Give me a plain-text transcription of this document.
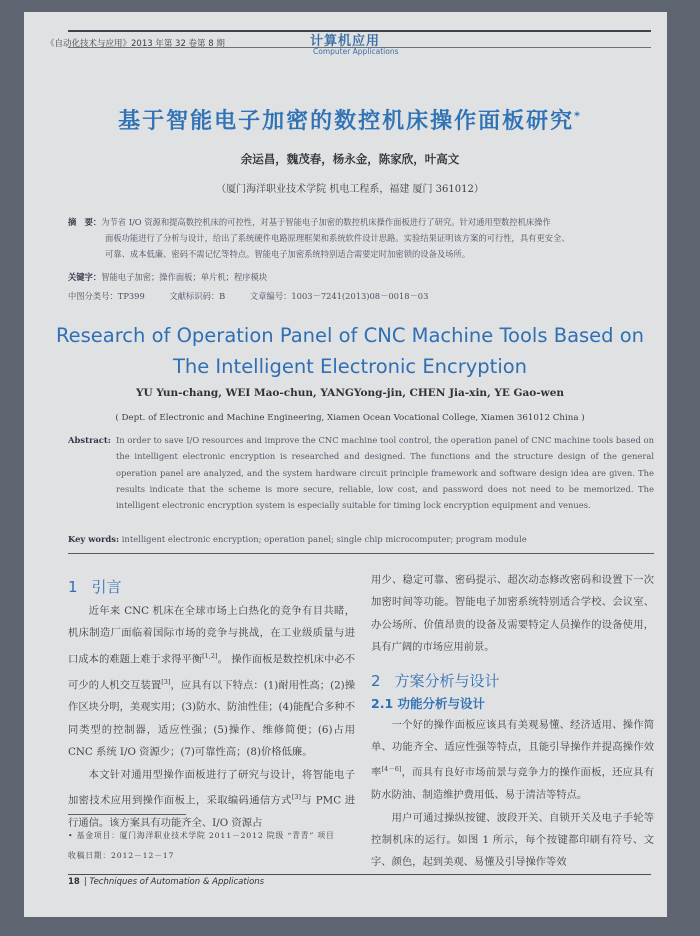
《自动化技术与应用》2013 年第 32 卷第 8 期	计算机应用
Computer Applications
基于智能电子加密的数控机床操作面板研究*
余运昌，魏茂春，杨永金，陈家欣，叶高文
（厦门海洋职业技术学院 机电工程系，福建 厦门 361012）
摘　要：为节省 I/O 资源和提高数控机床的可控性，对基于智能电子加密的数控机床操作面板进行了研究。针对通用型数控机床操作
面板功能进行了分析与设计，给出了系统硬件电路原理框架和系统软件设计思路。实验结果证明该方案的可行性，具有更安全、
可靠、成本低廉、密码不需记忆等特点。智能电子加密系统特别适合需要定时加密锁的设备及场所。
关键字：智能电子加密；操作面板；单片机；程序模块
中图分类号：TP399	文献标识码：B	文章编号：1003－7241(2013)08－0018－03
Research of Operation Panel of CNC Machine Tools Based on
The Intelligent Electronic Encryption
YU Yun-chang, WEI Mao-chun, YANGYong-jin, CHEN Jia-xin, YE Gao-wen
( Dept. of Electronic and Machine Engineering, Xiamen Ocean Vocational College, Xiamen 361012 China )
Abstract: In order to save I/O resources and improve the CNC machine tool control, the operation panel of CNC machine tools based on the intelligent electronic encryption is researched and designed. The functions and the structure design of the general operation panel are analyzed, and the system hardware circuit principle framework and software design idea are given. The results indicate that the scheme is more secure, reliable, low cost, and password does not need to be memorized. The intelligent electronic encryption system is especially suitable for timing lock encryption equipment and venues.
Key words: intelligent electronic encryption; operation panel; single chip microcomputer; program module
1 引言
近年来 CNC 机床在全球市场上白热化的竞争有目共睹，机床制造厂面临着国际市场的竞争与挑战，在工业级质量与进口成本的难题上难于求得平衡[1,2]。 操作面板是数控机床中必不可少的人机交互装置[3]，应具有以下特点：(1)耐用性高；(2)操作区块分明，美观实用；(3)防水、防油性佳；(4)能配合多种不同类型的控制器，适应性强；(5)操作、维修简便；(6)占用 CNC 系统 I/O 资源少；(7)可靠性高；(8)价格低廉。
本文针对通用型操作面板进行了研究与设计，将智能电子加密技术应用到操作面板上，采取编码通信方式[3]与 PMC 进行通信。该方案具有功能齐全、I/O 资源占
用少、稳定可靠、密码提示、超次动态修改密码和设置下一次加密时间等功能。智能电子加密系统特别适合学校、会议室、办公场所、价值昂贵的设备及需要特定人员操作的设备使用，具有广阔的市场应用前景。
2 方案分析与设计
2.1 功能分析与设计
一个好的操作面板应该具有美观易懂、经济适用、操作简单、功能齐全、适应性强等特点，且能引导操作并提高操作效率[4－6]，而具有良好市场前景与竞争力的操作面板，还应具有防水防油、制造维护费用低、易于清洁等特点。
用户可通过操纵按键、波段开关、自锁开关及电子手轮等控制机床的运行。如图 1 所示，每个按键都印刷有符号、文字、颜色，起到美观、易懂及引导操作等效
• 基金项目：厦门海洋职业技术学院 2011－2012 院级 “青青” 项目
收稿日期：2012－12－17
18 | Techniques of Automation & Applications
